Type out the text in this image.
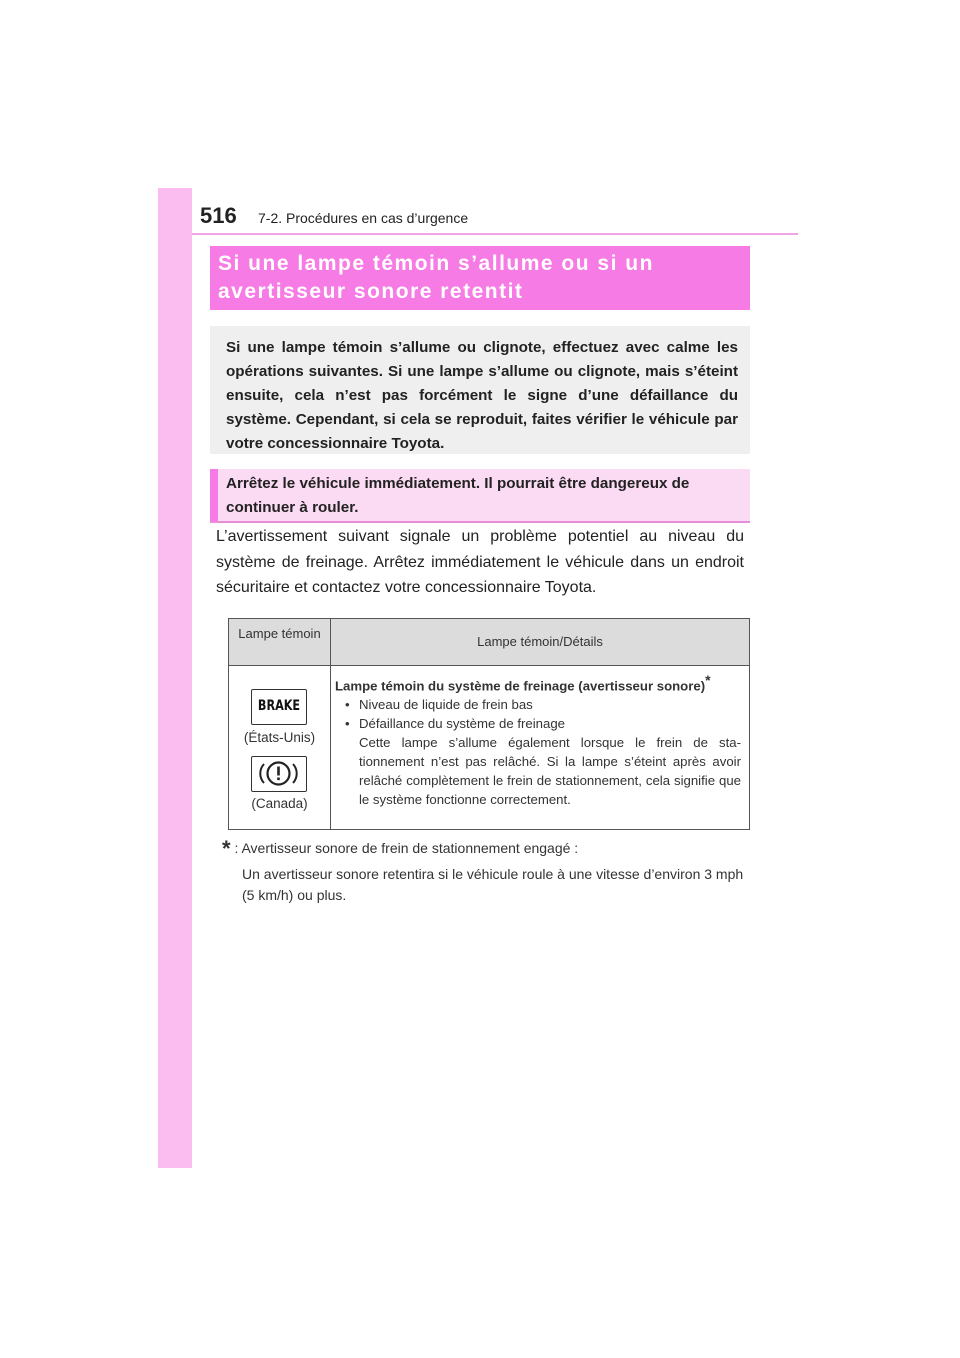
516 7-2. Procédures en cas d’urgence
Si une lampe témoin s’allume ou si un avertisseur sonore retentit

Si une lampe témoin s’allume ou clignote, effectuez avec calme les opérations suivantes. Si une lampe s’allume ou clignote, mais s’éteint ensuite, cela n’est pas forcément le signe d’une défaillance du système. Cependant, si cela se reproduit, faites vérifier le véhicule par votre concessionnaire Toyota.

Arrêtez le véhicule immédiatement. Il pourrait être dangereux de continuer à rouler.

L’avertissement suivant signale un problème potentiel au niveau du système de freinage. Arrêtez immédiatement le véhicule dans un endroit sécuritaire et contactez votre concessionnaire Toyota.

Lampe témoin
Lampe témoin/Détails
BRAKE
(États-Unis)
(Canada)

Lampe témoin du système de freinage (avertisseur sonore)*

• Niveau de liquide de frein bas
• Défaillance du système de freinage

Cette lampe s’allume également lorsque le frein de sta-tionnement n’est pas relâché. Si la lampe s’éteint après avoir relâché complètement le frein de stationnement, cela signifie que le système fonctionne correctement.

* : Avertisseur sonore de frein de stationnement engagé :

Un avertisseur sonore retentira si le véhicule roule à une vitesse d’environ 3 mph (5 km/h) ou plus.
